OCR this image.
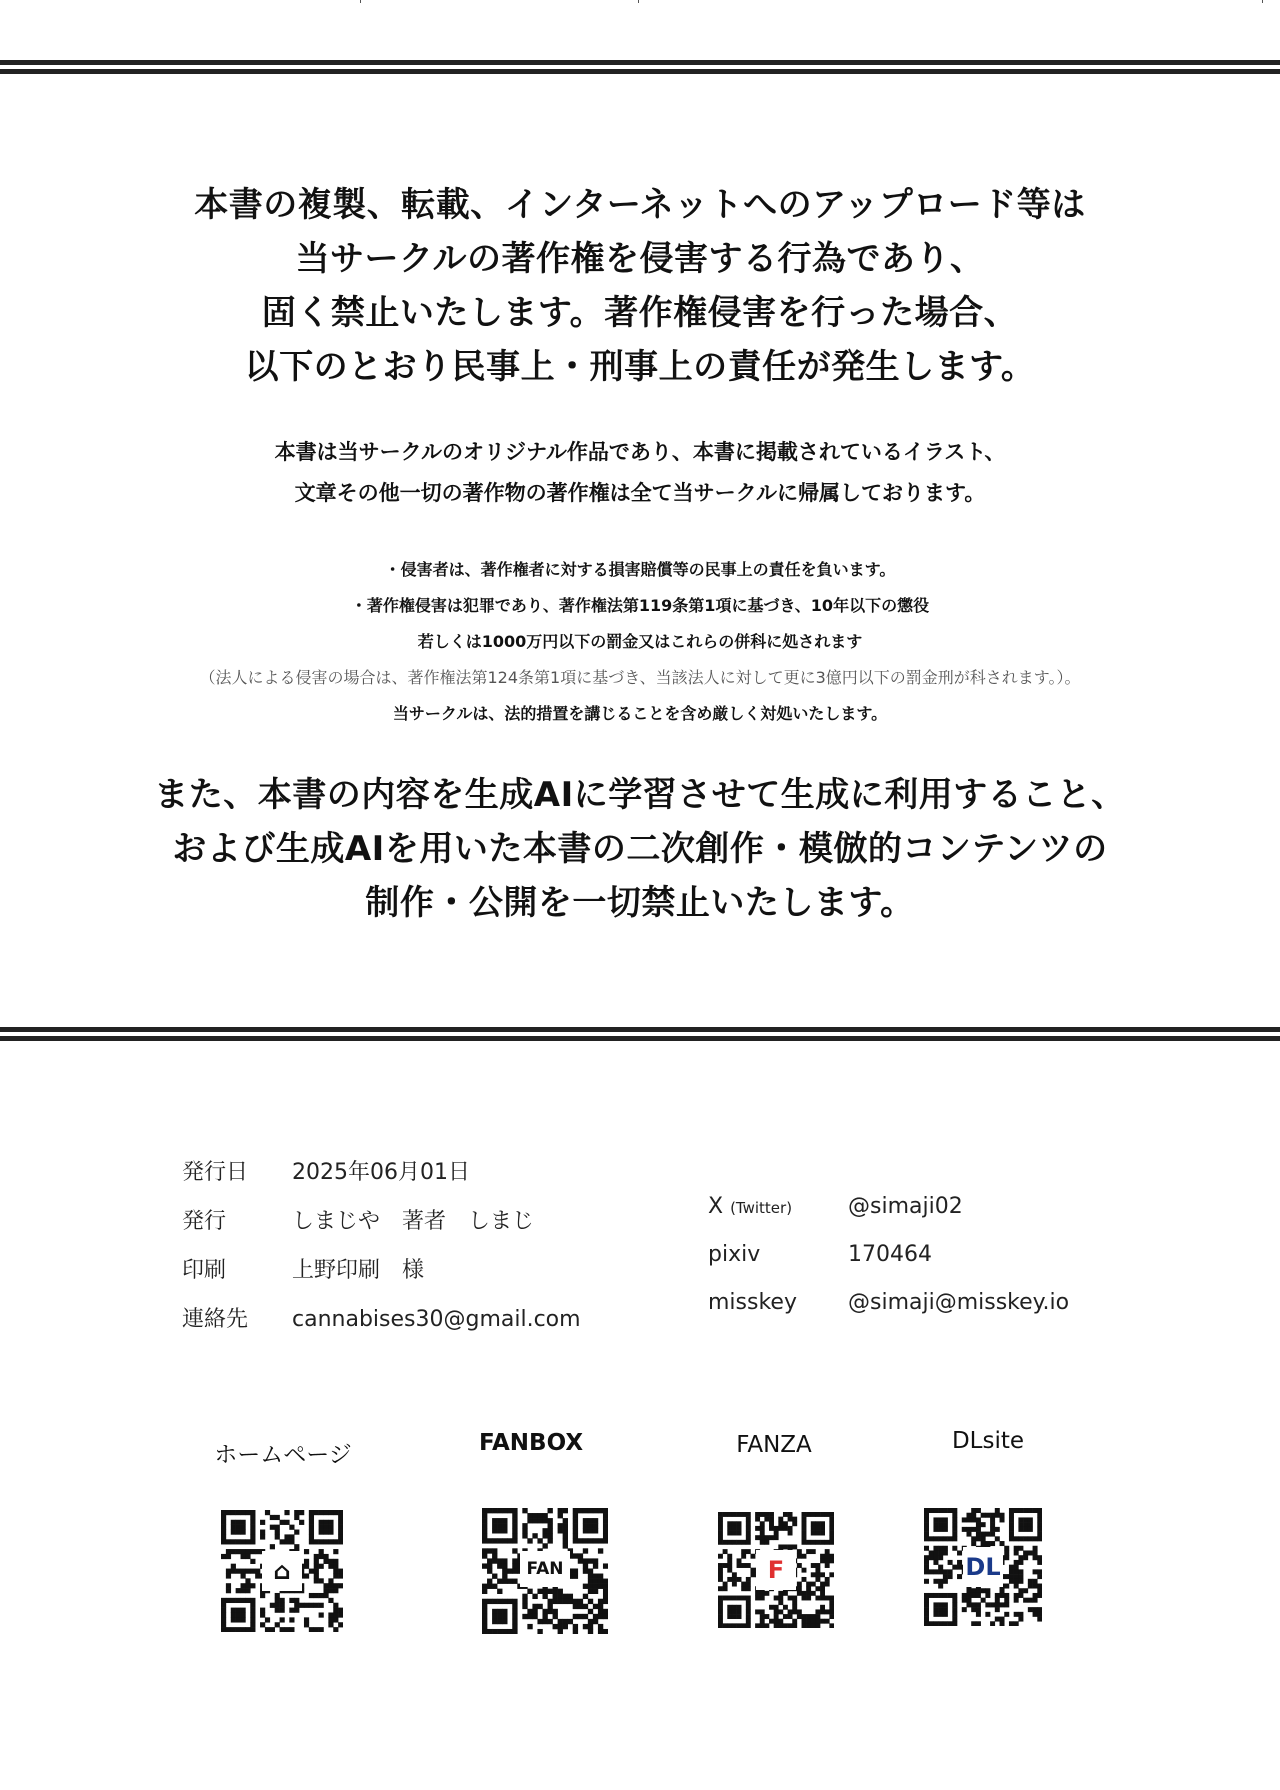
本書の複製、転載、インターネットへのアップロード等は

当サークルの著作権を侵害する行為であり、

固く禁止いたします。著作権侵害を行った場合、

以下のとおり民事上・刑事上の責任が発生します。

本書は当サークルのオリジナル作品であり、本書に掲載されているイラスト、

文章その他一切の著作物の著作権は全て当サークルに帰属しております。

・侵害者は、著作権者に対する損害賠償等の民事上の責任を負います。

・著作権侵害は犯罪であり、著作権法第119条第1項に基づき、10年以下の懲役

若しくは1000万円以下の罰金又はこれらの併科に処されます

（法人による侵害の場合は、著作権法第124条第1項に基づき、当該法人に対して更に3億円以下の罰金刑が科されます。）。

当サークルは、法的措置を講じることを含め厳しく対処いたします。

また、本書の内容を生成AIに学習させて生成に利用すること、

および生成AIを用いた本書の二次創作・模倣的コンテンツの

制作・公開を一切禁止いたします。

発行日 2025年06月01日
発行	しまじや　著者　しまじ
印刷	上野印刷　様
連絡先 cannabises30@gmail.com
X (Twitter)	@simaji02
pixiv	170464
misskey @simaji@misskey.io
ホームページ	FANBOX	FANZA	DLsite
⌂	FAN	F	DL
